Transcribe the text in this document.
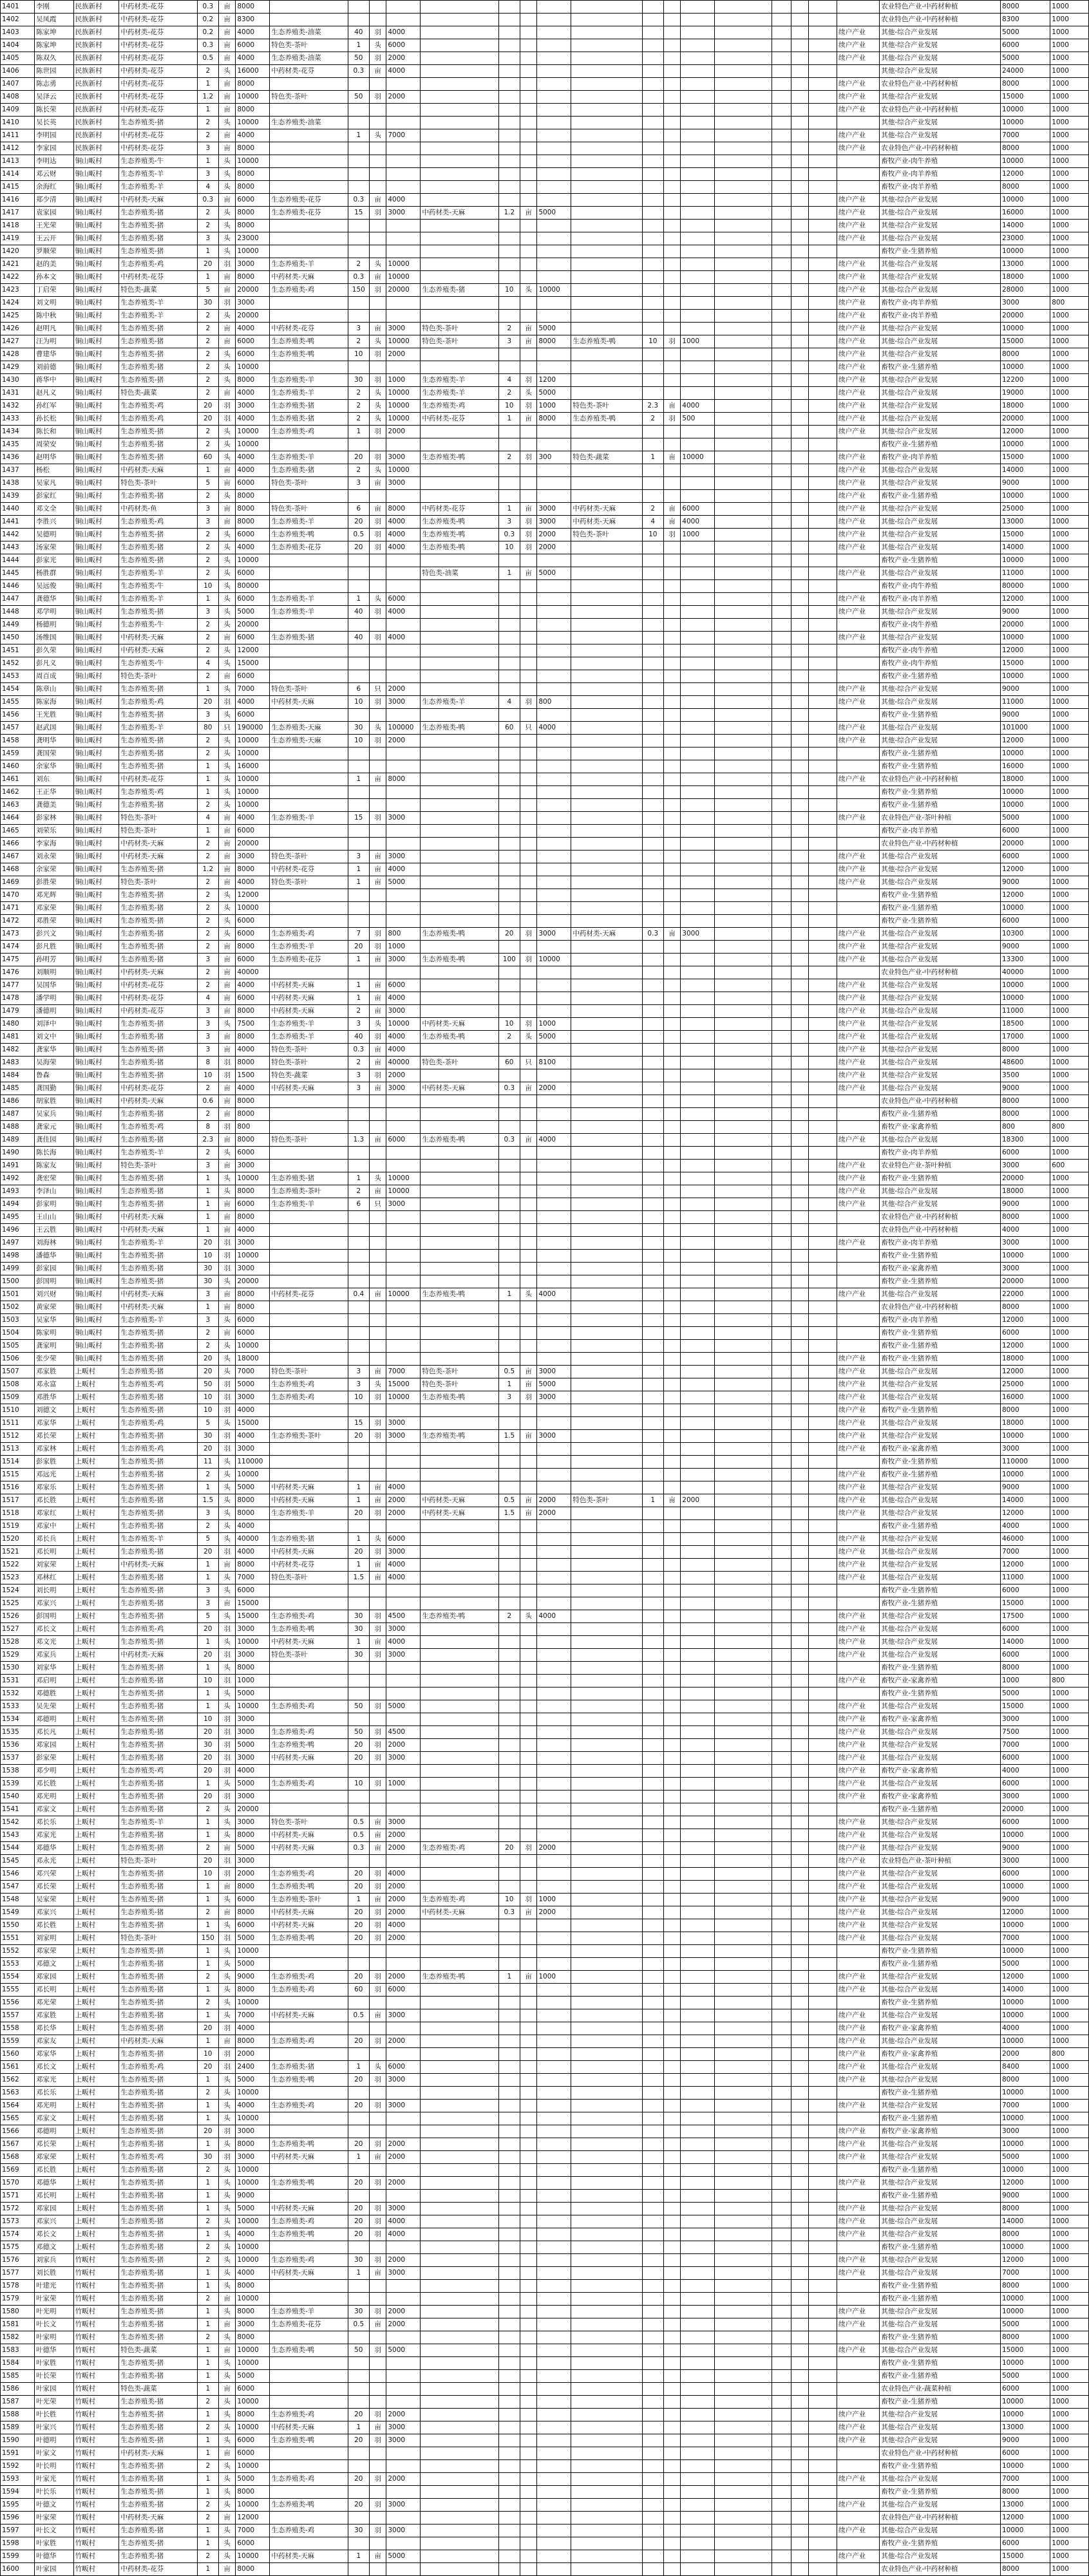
1401	李刚	民族新村	中药材类-花芬	0.3	亩	8000																		农业特色产业-中药材种植	8000	1000
1402	吴凤霞	民族新村	中药材类-花芬	0.2	亩	8300																		农业特色产业-中药材种植	8300	1000
1403	陈家坤	民族新村	中药材类-花芬	0.2	亩	4000	生态养殖类-油菜	40	羽	4000													续户产业	其他-综合产业发展	5000	1000
1404	陈家坤	民族新村	中药材类-花芬	0.3	亩	6000	特色类-茶叶	1	头	6000													续户产业	其他-综合产业发展	6000	1000
1405	陈双久	民族新村	中药材类-花芬	0.5	亩	4000	生态养殖类-油菜	50	羽	2000													续户产业	其他-综合产业发展	5000	1000
1406	陈世园	民族新村	中药材类-花芬	2	头	16000	中药材类-花芬	0.3	亩	4000														其他-综合产业发展	24000	1000
1407	陈志勇	民族新村	中药材类-花芬	1	亩	8000																	续户产业	农业特色产业-中药材种植	8000	1000
1408	吴泽云	民族新村	中药材类-花芬	1.2	亩	10000	特色类-茶叶	50	羽	2000													续户产业	其他-综合产业发展	15000	1000
1409	陈长荣	民族新村	中药材类-花芬	1	亩	8000																	续户产业	农业特色产业-中药材种植	10000	1000
1410	吴长英	民族新村	生态养殖类-猪	2	头	10000	生态养殖类-油菜																	其他-综合产业发展	10000	1000
1411	李明园	民族新村	中药材类-花芬	2	亩	4000		1	头	7000													续户产业	其他-综合产业发展	7000	1000
1412	李家园	民族新村	中药材类-花芬	3	亩	8000																	续户产业	农业特色产业-中药材种植	8000	1000
1413	李明达	铜山畈村	生态养殖类-牛	1	头	10000																		畜牧产业-肉牛养殖	10000	1000
1414	邓云财	铜山畈村	生态养殖类-羊	3	头	8000																		畜牧产业-肉羊养殖	12000	1000
1415	余海红	铜山畈村	生态养殖类-羊	4	头	8000																		畜牧产业-肉羊养殖	8000	1000
1416	郑少清	铜山畈村	中药材类-天麻	0.3	亩	6000	生态养殖类-花芬	0.3	亩	4000													续户产业	其他-综合产业发展	10000	1000
1417	袁家园	铜山畈村	生态养殖类-猪	2	头	8000	生态养殖类-花芬	15	羽	3000	中药材类-天麻	1.2	亩	5000									续户产业	其他-综合产业发展	16000	1000
1418	王光荣	铜山畈村	生态养殖类-猪	2	头	8000																	续户产业	其他-综合产业发展	14000	1000
1419	王云开	铜山畈村	生态养殖类-猪	3	头	23000																	续户产业	其他-综合产业发展	23000	1000
1420	罗顺荣	铜山畈村	生态养殖类-猪	1	头	10000																		畜牧产业-生猪养殖	10000	1000
1421	赵的美	铜山畈村	生态养殖类-鸡	20	羽	3000	生态养殖类-羊	2	头	10000													续户产业	其他-综合产业发展	13000	1000
1422	孙本文	铜山畈村	中药材类-花芬	1	亩	8000	中药材类-天麻	0.3	亩	10000													续户产业	其他-综合产业发展	18000	1000
1423	丁启荣	铜山畈村	特色类-蔬菜	5	亩	20000	生态养殖类-鸡	150	羽	20000	生态养殖类-猪	10	头	10000									续户产业	其他-综合产业发展	28000	1000
1424	刘文明	铜山畈村	生态养殖类-羊	30	羽	3000																	续户产业	畜牧产业-肉羊养殖	3000	800
1425	陈中秋	铜山畈村	生态养殖类-羊	2	头	20000																	续户产业	畜牧产业-肉羊养殖	20000	1000
1426	赵明凡	铜山畈村	生态养殖类-猪	2	亩	4000	中药材类-花芬	3	亩	3000	特色类-茶叶	2	亩	5000									续户产业	其他-综合产业发展	10000	1000
1427	汪为明	铜山畈村	生态养殖类-猪	2	亩	6000	生态养殖类-鸭	2	头	10000	特色类-茶叶	3	亩	8000	生态养殖类-鸭	10	羽	1000					续户产业	其他-综合产业发展	15000	1000
1428	曹建华	铜山畈村	生态养殖类-猪	2	头	6000	生态养殖类-鸭	10	羽	2000													续户产业	其他-综合产业发展	8000	1000
1429	刘前德	铜山畈村	生态养殖类-猪	2	头	10000																	续户产业	畜牧产业-生猪养殖	10000	1000
1430	蒋华中	铜山畈村	生态养殖类-猪	2	头	8000	生态养殖类-羊	30	羽	1000	生态养殖类-羊	4	羽	1200									续户产业	其他-综合产业发展	12200	1000
1431	赵凡义	铜山畈村	特色类-蔬菜	2	亩	4000	生态养殖类-羊	2	头	10000	生态养殖类-羊	2	头	5000									续户产业	其他-综合产业发展	19000	1000
1432	孙红军	铜山畈村	生态养殖类-鸡	20	羽	3000	生态养殖类-猪	2	头	10000	生态养殖类-鸡	10	羽	1000	特色类-茶叶	2.3	亩	4000					续户产业	其他-综合产业发展	18000	1000
1433	孙长松	铜山畈村	生态养殖类-鸡	20	羽	4000	生态养殖类-猪	2	头	10000	中药材类-花芬	1	亩	8000	生态养殖类-鸭	2	羽	500					续户产业	其他-综合产业发展	20000	1000
1434	陈长和	铜山畈村	生态养殖类-猪	2	头	10000	生态养殖类-鸡	1	羽	2000													续户产业	其他-综合产业发展	12000	1000
1435	周荣安	铜山畈村	生态养殖类-猪	2	头	10000																		畜牧产业-生猪养殖	10000	1000
1436	赵明华	铜山畈村	生态养殖类-猪	60	头	4000	生态养殖类-羊	20	羽	3000	生态养殖类-鸭	2	羽	300	特色类-蔬菜	1	亩	10000					续户产业	畜牧产业-肉羊养殖	15000	1000
1437	杨松	铜山畈村	中药材类-天麻	1	亩	4000	生态养殖类-猪	2	头	10000													续户产业	其他-综合产业发展	14000	1000
1438	吴家凡	铜山畈村	特色类-茶叶	5	亩	6000	特色类-茶叶	3	亩	3000													续户产业	其他-综合产业发展	9000	1000
1439	彭家红	铜山畈村	生态养殖类-猪	2	头	8000																	续户产业	畜牧产业-生猪养殖	10000	1000
1440	邓文全	铜山畈村	中药材类-鱼	3	亩	8000	特色类-茶叶	6	亩	8000	中药材类-花芬	1	亩	3000	中药材类-天麻	2	亩	6000					续户产业	其他-综合产业发展	25000	1000
1441	李胜兴	铜山畈村	生态养殖类-鸡	3	亩	8000	生态养殖类-羊	20	羽	4000	生态养殖类-鸭	3	羽	3000	中药材类-天麻	4	亩	4000					续户产业	其他-综合产业发展	13000	1000
1442	吴德明	铜山畈村	生态养殖类-猪	2	头	6000	生态养殖类-鸭	0.5	羽	4000	生态养殖类-鸭	0.3	羽	2000	特色类-茶叶	10	羽	1000					续户产业	其他-综合产业发展	15000	1000
1443	汤家荣	铜山畈村	生态养殖类-猪	2	头	4000	生态养殖类-花芬	20	羽	4000	生态养殖类-鸭	10	羽	2000									续户产业	其他-综合产业发展	14000	1000
1444	彭家光	铜山畈村	生态养殖类-猪	2	头	10000																		畜牧产业-生猪养殖	10000	1000
1445	杨胜群	铜山畈村	生态养殖类-羊	2	头	6000					特色类-油菜	1	亩	5000									续户产业	其他-综合产业发展	11000	1000
1446	吴远俊	铜山畈村	生态养殖类-牛	10	头	80000																		畜牧产业-肉牛养殖	80000	1000
1447	龚德华	铜山畈村	生态养殖类-羊	1	头	6000	生态养殖类-羊	1	头	6000													续户产业	畜牧产业-肉羊养殖	12000	1000
1448	邓学明	铜山畈村	生态养殖类-猪	3	头	5000	生态养殖类-羊	40	羽	4000													续户产业	其他-综合产业发展	9000	1000
1449	杨德明	铜山畈村	生态养殖类-牛	2	头	20000																		畜牧产业-肉牛养殖	20000	1000
1450	汤维国	铜山畈村	中药材类-天麻	2	亩	6000	生态养殖类-猪	40	羽	4000													续户产业	其他-综合产业发展	10000	1000
1451	彭久荣	铜山畈村	中药材类-天麻	2	头	12000																		畜牧产业-肉牛养殖	12000	1000
1452	彭凡义	铜山畈村	生态养殖类-牛	4	头	15000																		畜牧产业-肉牛养殖	15000	1000
1453	周百成	铜山畈村	特色类-茶叶	2	亩	6000																		畜牧产业-生猪养殖	10000	1000
1454	陈章山	铜山畈村	生态养殖类-猪	1	头	7000	特色类-茶叶	6	只	2000													续户产业	其他-综合产业发展	9000	1000
1455	陈家海	铜山畈村	生态养殖类-鸡	20	羽	4000	中药材类-天麻	10	羽	3000	生态养殖类-羊	4	羽	800									续户产业	其他-综合产业发展	11000	1000
1456	王光胜	铜山畈村	生态养殖类-猪	3	头	6000																		畜牧产业-生猪养殖	9000	1000
1457	赵武国	铜山畈村	生态养殖类-羊	80	只	190000	生态养殖类-天麻	30	头	100000	生态养殖类-鸭	60	只	4000									续户产业	其他-综合产业发展	101000	1000
1458	龚明华	铜山畈村	生态养殖类-猪	2	头	10000	生态养殖类-天麻	10	羽	2000													续户产业	其他-综合产业发展	12000	1000
1459	龚国荣	铜山畈村	生态养殖类-猪	2	头	10000																		畜牧产业-生猪养殖	10000	1000
1460	余家华	铜山畈村	生态养殖类-猪	1	头	16000																		畜牧产业-生猪养殖	16000	1000
1461	刘东	铜山畈村	中药材类-花芬	1	头	10000		1	亩	8000													续户产业	农业特色产业-中药材种植	18000	1000
1462	王正华	铜山畈村	生态养殖类-鸡	1	头	10000																		畜牧产业-生猪养殖	10000	1000
1463	龚德美	铜山畈村	生态养殖类-猪	2	头	10000																		畜牧产业-生猪养殖	10000	1000
1464	彭家林	铜山畈村	特色类-茶叶	4	亩	4000	生态养殖类-羊	15	羽	3000													续户产业	农业特色产业-茶叶种植	5000	1000
1465	刘荣乐	铜山畈村	特色类-茶叶	1	亩	6000																		畜牧产业-肉羊养殖	6000	1000
1466	李家海	铜山畈村	中药材类-天麻	2	亩	20000																		农业特色产业-中药材种植	20000	1000
1467	刘永荣	铜山畈村	中药材类-天麻	2	亩	3000	特色类-茶叶	3	亩	3000													续户产业	其他-综合产业发展	6000	1000
1468	余家荣	铜山畈村	生态养殖类-猪	1.2	亩	8000	中药材类-花芬	1	亩	4000													续户产业	其他-综合产业发展	12000	1000
1469	彭胜荣	铜山畈村	特色类-茶叶	2	亩	4000	特色类-茶叶	1	亩	5000													续户产业	其他-综合产业发展	9000	1000
1470	邓光辉	铜山畈村	生态养殖类-猪	2	头	12000																		畜牧产业-生猪养殖	12000	1000
1471	邓家荣	铜山畈村	生态养殖类-猪	2	头	10000																		畜牧产业-生猪养殖	10000	1000
1472	邓胜荣	铜山畈村	生态养殖类-猪	2	头	6000																		畜牧产业-生猪养殖	6000	1000
1473	彭兴文	铜山畈村	生态养殖类-猪	2	头	6000	生态养殖类-鸡	7	羽	800	生态养殖类-鸭	20	羽	3000	中药材类-天麻	0.3	亩	3000					续户产业	其他-综合产业发展	10300	1000
1474	彭凡胜	铜山畈村	生态养殖类-猪	2	亩	8000	生态养殖类-羊	20	羽	1000													续户产业	其他-综合产业发展	9000	1000
1475	孙明芳	铜山畈村	生态养殖类-猪	3	亩	6000	生态养殖类-花芬	1	亩	3000	生态养殖类-鸭	100	羽	10000									续户产业	其他-综合产业发展	13300	1000
1476	刘顺明	铜山畈村	中药材类-天麻	2	亩	40000																		农业特色产业-中药材种植	40000	1000
1477	吴国华	铜山畈村	中药材类-花芬	2	亩	4000	中药材类-天麻	1	亩	6000													续户产业	其他-综合产业发展	10000	1000
1478	潘学明	铜山畈村	中药材类-花芬	4	亩	6000	中药材类-天麻	1	亩	4000													续户产业	其他-综合产业发展	10000	1000
1479	潘德明	铜山畈村	中药材类-花芬	3	亩	8000	中药材类-天麻	2	亩	3000													续户产业	其他-综合产业发展	11000	1000
1480	刘泽中	铜山畈村	生态养殖类-猪	3	头	7500	生态养殖类-羊	3	头	10000	中药材类-天麻	10	羽	1000									续户产业	其他-综合产业发展	18500	1000
1481	刘文中	铜山畈村	生态养殖类-猪	3	亩	8000	生态养殖类-羊	40	羽	4000	生态养殖类-鸭	2	头	5000									续户产业	其他-综合产业发展	17000	1000
1482	龚家华	铜山畈村	生态养殖类-猪	3	亩	4000	特色类-茶叶	0.3	亩	4000													续户产业	其他-综合产业发展	8000	1000
1483	吴海荣	铜山畈村	生态养殖类-猪	8	羽	8000	特色类-茶叶	2	亩	40000	特色类-茶叶	60	只	8100									续户产业	其他-综合产业发展	48600	1000
1484	鲁森	铜山畈村	生态养殖类-猪	10	羽	1500	特色类-蔬菜	3	羽	2000													续户产业	其他-综合产业发展	3500	1000
1485	龚国勤	铜山畈村	中药材类-花芬	2	亩	4000	中药材类-天麻	3	亩	3000	中药材类-天麻	0.3	亩	2000									续户产业	其他-综合产业发展	9000	1000
1486	胡家胜	铜山畈村	中药材类-天麻	0.6	亩	8000																		农业特色产业-中药材种植	8000	1000
1487	吴家兵	铜山畈村	生态养殖类-猪	2	亩	8000																		畜牧产业-生猪养殖	8000	1000
1488	龚家元	铜山畈村	生态养殖类-鸡	8	羽	800																		畜牧产业-家禽养殖	800	800
1489	龚佳园	铜山畈村	生态养殖类-猪	2.3	亩	8000	特色类-茶叶	1.3	亩	6000	生态养殖类-鸭	0.3	亩	4000									续户产业	其他-综合产业发展	18300	1000
1490	陈长海	铜山畈村	生态养殖类-羊	2	头	6000																		畜牧产业-肉羊养殖	6000	1000
1491	陈家友	铜山畈村	特色类-茶叶	3	亩	3000																	续户产业	农业特色产业-茶叶种植	3000	600
1492	龚宏荣	铜山畈村	生态养殖类-猪	1	头	10000	生态养殖类-猪	1	头	10000													续户产业	畜牧产业-生猪养殖	20000	1000
1493	李泽山	铜山畈村	生态养殖类-猪	1	头	8000	生态养殖类-茶叶	2	亩	10000													续户产业	其他-综合产业发展	18000	1000
1494	彭家明	铜山畈村	生态养殖类-猪	1	亩	6000	生态养殖类-羊	6	只	3000													续户产业	其他-综合产业发展	9000	1000
1495	王山山	铜山畈村	中药材类-天麻	1	亩	8000																		农业特色产业-中药材种植	8000	1000
1496	王云胜	铜山畈村	中药材类-天麻	1	亩	4000																		农业特色产业-中药材种植	4000	1000
1497	刘海林	铜山畈村	生态养殖类-羊	20	羽	3000																	续户产业	畜牧产业-肉羊养殖	3000	1000
1498	潘德华	铜山畈村	生态养殖类-猪	10	羽	10000																		畜牧产业-生猪养殖	10000	1000
1499	彭家园	铜山畈村	生态养殖类-猪	30	羽	3000																		畜牧产业-家禽养殖	3000	1000
1500	彭国明	铜山畈村	生态养殖类-猪	30	头	20000																		畜牧产业-生猪养殖	20000	1000
1501	刘兴财	铜山畈村	中药材类-天麻	3	亩	8000	中药材类-花芬	0.4	亩	10000	生态养殖类-鸭	1	头	4000									续户产业	其他-综合产业发展	22000	1000
1502	黄家荣	铜山畈村	中药材类-天麻	1	亩	8000																		农业特色产业-中药材种植	8000	1000
1503	吴家华	铜山畈村	生态养殖类-羊	3	头	6000																		畜牧产业-肉羊养殖	12000	1000
1504	陈家明	铜山畈村	生态养殖类-猪	2	亩	6000																		畜牧产业-生猪养殖	6000	1000
1505	龚家明	铜山畈村	生态养殖类-猪	2	头	10000																		畜牧产业-生猪养殖	12000	1000
1506	张少荣	铜山畈村	生态养殖类-猪	20	头	18000																	续户产业	畜牧产业-生猪养殖	18000	1000
1507	邓家胜	上畈村	生态养殖类-猪	20	头	7000	特色类-茶叶	3	亩	7000	特色类-茶叶	0.5	亩	3000									续户产业	其他-综合产业发展	12000	1000
1508	邓永富	上畈村	生态养殖类-鸡	50	羽	5000	生态养殖类-鸡	3	头	15000	特色类-茶叶	1	亩	5000									续户产业	其他-综合产业发展	25000	1000
1509	邓胜华	上畈村	生态养殖类-猪	10	羽	3000	生态养殖类-鸡	10	羽	10000	生态养殖类-鸭	3	羽	3000									续户产业	其他-综合产业发展	16000	1000
1510	刘德文	上畈村	生态养殖类-猪	10	羽	4000																	续户产业	畜牧产业-生猪养殖	8000	1000
1511	邓家华	上畈村	生态养殖类-鸡	5	头	15000		15	羽	3000													续户产业	其他-综合产业发展	18000	1000
1512	邓长荣	上畈村	生态养殖类-猪	30	羽	4000	生态养殖类-茶叶	20	羽	3000	生态养殖类-鸭	1.5	亩	3000									续户产业	其他-综合产业发展	10000	1000
1513	邓家林	上畈村	生态养殖类-鸡	20	羽	3000																	续户产业	畜牧产业-家禽养殖	3000	1000
1514	彭家胜	上畈村	生态养殖类-猪	11	头	110000																		畜牧产业-生猪养殖	110000	1000
1515	邓远光	上畈村	生态养殖类-猪	2	头	10000																	续户产业	畜牧产业-生猪养殖	10000	1000
1516	邓家乐	上畈村	生态养殖类-猪	1	头	5000	中药材类-天麻	1	亩	4000													续户产业	其他-综合产业发展	9000	1000
1517	邓长胜	上畈村	生态养殖类-猪	1.5	头	8000	中药材类-天麻	1	亩	2000	中药材类-天麻	0.5	亩	2000	特色类-茶叶	1	亩	2000					续户产业	其他-综合产业发展	14000	1000
1518	邓家红	上畈村	生态养殖类-猪	3	头	8000	生态养殖类-羊	20	羽	2000	中药材类-天麻	1.5	亩	2000									续户产业	其他-综合产业发展	12000	1000
1519	邓家中	上畈村	生态养殖类-猪	2	头	4000																		畜牧产业-生猪养殖	4000	1000
1520	邓长兵	上畈村	生态养殖类-羊	5	头	40000	生态养殖类-猪	1	头	6000													续户产业	其他-综合产业发展	46000	1000
1521	邓长明	上畈村	生态养殖类-猪	20	羽	4000	中药材类-天麻	20	羽	3000													续户产业	其他-综合产业发展	7000	1000
1522	刘家荣	上畈村	中药材类-天麻	1	亩	8000	中药材类-花芬	1	亩	4000													续户产业	其他-综合产业发展	12000	1000
1523	邓林红	上畈村	生态养殖类-猪	1	头	7000	特色类-茶叶	1.5	亩	4000													续户产业	其他-综合产业发展	11000	1000
1524	刘长明	上畈村	生态养殖类-猪	3	头	6000																		畜牧产业-生猪养殖	6000	1000
1525	邓家兴	上畈村	生态养殖类-猪	3	亩	15000																		畜牧产业-生猪养殖	15000	1000
1526	彭国明	上畈村	生态养殖类-猪	5	头	15000	生态养殖类-鸡	30	羽	4500	生态养殖类-鸭	2	头	4000									续户产业	其他-综合产业发展	17500	1000
1527	邓长文	上畈村	生态养殖类-鸡	20	羽	3000	生态养殖类-鸭	30	羽	3000													续户产业	其他-综合产业发展	6000	1000
1528	邓文光	上畈村	生态养殖类-猪	1	头	10000	中药材类-天麻	1	亩	4000													续户产业	其他-综合产业发展	14000	1000
1529	邓家兵	上畈村	中药材类-天麻	20	羽	3000	特色类-茶叶	30	羽	3000													续户产业	其他-综合产业发展	6000	1000
1530	刘家华	上畈村	生态养殖类-猪	1	头	8000																		畜牧产业-生猪养殖	8000	1000
1531	邓启明	上畈村	生态养殖类-猪	10	羽	1000																	续户产业	畜牧产业-家禽养殖	1000	800
1532	邓德胜	上畈村	生态养殖类-猪	1	头	5000																		畜牧产业-生猪养殖	5000	1000
1533	吴先荣	上畈村	生态养殖类-猪	1	头	10000	生态养殖类-鸡	50	羽	5000													续户产业	其他-综合产业发展	15000	1000
1534	邓德明	上畈村	生态养殖类-猪	10	羽	3000																	续户产业	畜牧产业-家禽养殖	3000	1000
1535	邓长凡	上畈村	生态养殖类-猪	20	羽	3000	生态养殖类-鸡	50	羽	4500													续户产业	其他-综合产业发展	7500	1000
1536	邓家园	上畈村	生态养殖类-猪	30	羽	5000	生态养殖类-鸭	20	羽	2000													续户产业	其他-综合产业发展	7000	1000
1537	彭家荣	上畈村	生态养殖类-猪	20	羽	3000	中药材类-天麻	20	羽	3000													续户产业	其他-综合产业发展	6000	1000
1538	邓少明	上畈村	生态养殖类-鸡	20	羽	4000																	续户产业	畜牧产业-家禽养殖	4000	1000
1539	邓长胜	上畈村	生态养殖类-猪	1	头	5000	生态养殖类-鸡	10	羽	1000													续户产业	其他-综合产业发展	6000	1000
1540	邓光明	上畈村	生态养殖类-猪	20	羽	3000																	续户产业	畜牧产业-家禽养殖	3000	1000
1541	邓家文	上畈村	生态养殖类-猪	2	头	20000																		畜牧产业-生猪养殖	20000	1000
1542	邓长乐	上畈村	生态养殖类-羊	1	头	3000	特色类-茶叶	0.5	亩	3000													续户产业	其他-综合产业发展	6000	1000
1543	邓家光	上畈村	生态养殖类-猪	1	头	8000	中药材类-天麻	0.5	亩	2000													续户产业	其他-综合产业发展	10000	1000
1544	邓德华	上畈村	生态养殖类-猪	2	亩	5000	中药材类-天麻	0.3	亩	2000	生态养殖类-鸡	20	羽	2000									续户产业	其他-综合产业发展	9000	1000
1545	邓永光	上畈村	特色类-茶叶	20	羽	3000																	续户产业	农业特色产业-茶叶种植	3000	1000
1546	邓兴荣	上畈村	生态养殖类-猪	10	羽	2000	生态养殖类-鸡	20	羽	4000													续户产业	其他-综合产业发展	6000	1000
1547	邓长荣	上畈村	生态养殖类-猪	1	亩	8000	生态养殖类-鸭	20	羽	2000													续户产业	其他-综合产业发展	10000	1000
1548	吴家荣	上畈村	生态养殖类-猪	1	头	6000	生态养殖类-茶叶	1	亩	2000	生态养殖类-鸡	10	羽	1000									续户产业	其他-综合产业发展	9000	1000
1549	邓家兴	上畈村	生态养殖类-猪	2	亩	8000	中药材类-天麻	20	羽	2000	中药材类-天麻	0.3	亩	2000									续户产业	其他-综合产业发展	12000	1000
1550	邓长胜	上畈村	生态养殖类-猪	1	头	6000	中药材类-天麻	20	羽	4000													续户产业	其他-综合产业发展	10000	1000
1551	刘家明	上畈村	特色类-茶叶	150	羽	5000	生态养殖类-鸭	20	羽	2000													续户产业	其他-综合产业发展	7000	1000
1552	邓家荣	上畈村	生态养殖类-猪	1	头	10000																		畜牧产业-生猪养殖	10000	1000
1553	邓德文	上畈村	生态养殖类-猪	1	头	5000																		畜牧产业-生猪养殖	5000	1000
1554	邓家园	上畈村	生态养殖类-猪	2	头	9000	生态养殖类-鸡	20	羽	2000	生态养殖类-鸭	1	亩	1000									续户产业	其他-综合产业发展	12000	1000
1555	邓长明	上畈村	生态养殖类-猪	1	头	8000	生态养殖类-鸡	60	羽	6000													续户产业	其他-综合产业发展	14000	1000
1556	邓光荣	上畈村	生态养殖类-猪	2	头	10000																		畜牧产业-生猪养殖	10000	1000
1557	邓家胜	上畈村	生态养殖类-猪	1	头	7000	中药材类-天麻	0.5	亩	3000													续户产业	其他-综合产业发展	10000	1000
1558	邓长华	上畈村	生态养殖类-猪	20	羽	4000																	续户产业	畜牧产业-家禽养殖	4000	1000
1559	邓家友	上畈村	中药材类-天麻	1	亩	8000	生态养殖类-鸡	20	羽	2000													续户产业	其他-综合产业发展	10000	1000
1560	邓家华	上畈村	生态养殖类-猪	10	羽	2000																	续户产业	畜牧产业-家禽养殖	2000	800
1561	邓长文	上畈村	生态养殖类-鸡	20	羽	2400	生态养殖类-猪	1	头	6000													续户产业	其他-综合产业发展	8400	1000
1562	邓家光	上畈村	生态养殖类-猪	1	头	5000	生态养殖类-鸭	20	羽	3000													续户产业	其他-综合产业发展	8000	1000
1563	邓长乐	上畈村	生态养殖类-猪	2	头	10000																		畜牧产业-生猪养殖	10000	1000
1564	邓光明	上畈村	生态养殖类-猪	1	头	4000	生态养殖类-鸡	20	羽	3000													续户产业	其他-综合产业发展	7000	1000
1565	邓家文	上畈村	生态养殖类-猪	1	头	10000																		畜牧产业-生猪养殖	10000	1000
1566	邓德明	上畈村	生态养殖类-猪	20	羽	3000																	续户产业	畜牧产业-家禽养殖	3000	1000
1567	邓长荣	上畈村	生态养殖类-猪	1	头	8000	生态养殖类-鸭	20	羽	2000													续户产业	其他-综合产业发展	10000	1000
1568	邓家荣	上畈村	生态养殖类-鸡	30	羽	3000	中药材类-天麻	1	亩	2000													续户产业	其他-综合产业发展	5000	1000
1569	邓长胜	上畈村	生态养殖类-猪	2	头	10000																		畜牧产业-生猪养殖	10000	1000
1570	邓德华	上畈村	生态养殖类-猪	1	头	10000	生态养殖类-鸭	20	羽	2000													续户产业	其他-综合产业发展	12000	1000
1571	邓长明	上畈村	生态养殖类-猪	1	头	9000																		畜牧产业-生猪养殖	9000	1000
1572	邓家园	上畈村	生态养殖类-猪	1	头	5000	中药材类-天麻	20	羽	3000													续户产业	其他-综合产业发展	8000	1000
1573	邓家兴	上畈村	生态养殖类-猪	2	头	10000	生态养殖类-鸡	20	羽	4000													续户产业	其他-综合产业发展	14000	1000
1574	邓长文	上畈村	生态养殖类-猪	1	头	4000	生态养殖类-鸭	20	羽	4000													续户产业	其他-综合产业发展	8000	1000
1575	邓德文	上畈村	生态养殖类-猪	2	头	10000																		畜牧产业-生猪养殖	10000	1000
1576	刘家兵	竹畈村	生态养殖类-猪	2	头	10000	生态养殖类-鸡	30	羽	2000													续户产业	其他-综合产业发展	12000	1000
1577	刘长胜	竹畈村	生态养殖类-猪	1	头	4000	中药材类-天麻	1	亩	3000													续户产业	其他-综合产业发展	7000	1000
1578	叶建光	竹畈村	生态养殖类-猪	1	头	8000																		畜牧产业-生猪养殖	8000	1000
1579	叶家荣	竹畈村	生态养殖类-猪	2	亩	10000																		畜牧产业-生猪养殖	10000	1000
1580	叶光明	竹畈村	生态养殖类-猪	1	头	8000	生态养殖类-羊	30	羽	2000													续户产业	其他-综合产业发展	10000	1000
1581	叶长文	竹畈村	生态养殖类-猪	1	亩	3000	生态养殖类-花芬	0.5	亩	2000													续户产业	其他-综合产业发展	5000	1000
1582	叶家明	竹畈村	生态养殖类-猪	2	头	8000																		畜牧产业-生猪养殖	8000	1000
1583	叶德华	竹畈村	特色类-蔬菜	1	亩	10000	生态养殖类-鸭	50	羽	5000													续户产业	其他-综合产业发展	15000	1000
1584	叶家胜	竹畈村	生态养殖类-猪	1	头	10000																		畜牧产业-生猪养殖	10000	1000
1585	叶长荣	竹畈村	生态养殖类-猪	1	头	5000																		畜牧产业-生猪养殖	5000	1000
1586	叶家园	竹畈村	特色类-蔬菜	1	亩	6000																		农业特色产业-蔬菜种植	6000	1000
1587	叶光荣	竹畈村	生态养殖类-猪	2	头	10000																		畜牧产业-生猪养殖	10000	1000
1588	叶长胜	竹畈村	生态养殖类-猪	1	头	8000	生态养殖类-鸡	20	羽	2000													续户产业	其他-综合产业发展	10000	1000
1589	叶家兴	竹畈村	生态养殖类-猪	2	头	10000	中药材类-天麻	1	亩	3000													续户产业	其他-综合产业发展	13000	1000
1590	叶德明	竹畈村	生态养殖类-猪	1	头	6000	生态养殖类-鸭	20	羽	3000													续户产业	其他-综合产业发展	9000	1000
1591	叶家文	竹畈村	中药材类-天麻	1	亩	6000																		农业特色产业-中药材种植	6000	1000
1592	叶长明	竹畈村	生态养殖类-猪	2	头	10000																		畜牧产业-生猪养殖	10000	1000
1593	叶家光	竹畈村	生态养殖类-猪	1	头	5000	生态养殖类-鸡	20	羽	2000													续户产业	其他-综合产业发展	7000	1000
1594	叶长乐	竹畈村	生态养殖类-猪	1	头	8000																		畜牧产业-生猪养殖	8000	1000
1595	叶德文	竹畈村	生态养殖类-猪	2	头	10000	生态养殖类-鸭	20	羽	3000													续户产业	其他-综合产业发展	13000	1000
1596	叶家荣	竹畈村	中药材类-天麻	2	亩	12000																		农业特色产业-中药材种植	12000	1000
1597	叶长文	竹畈村	生态养殖类-猪	1	头	7000	生态养殖类-鸡	30	羽	3000													续户产业	其他-综合产业发展	10000	1000
1598	叶家胜	竹畈村	生态养殖类-猪	1	头	6000																		畜牧产业-生猪养殖	6000	1000
1599	叶德华	竹畈村	生态养殖类-猪	2	头	10000	中药材类-天麻	1	亩	5000													续户产业	其他-综合产业发展	15000	1000
1600	叶家园	竹畈村	中药材类-花芬	1	亩	8000																		农业特色产业-中药材种植	8000	1000
